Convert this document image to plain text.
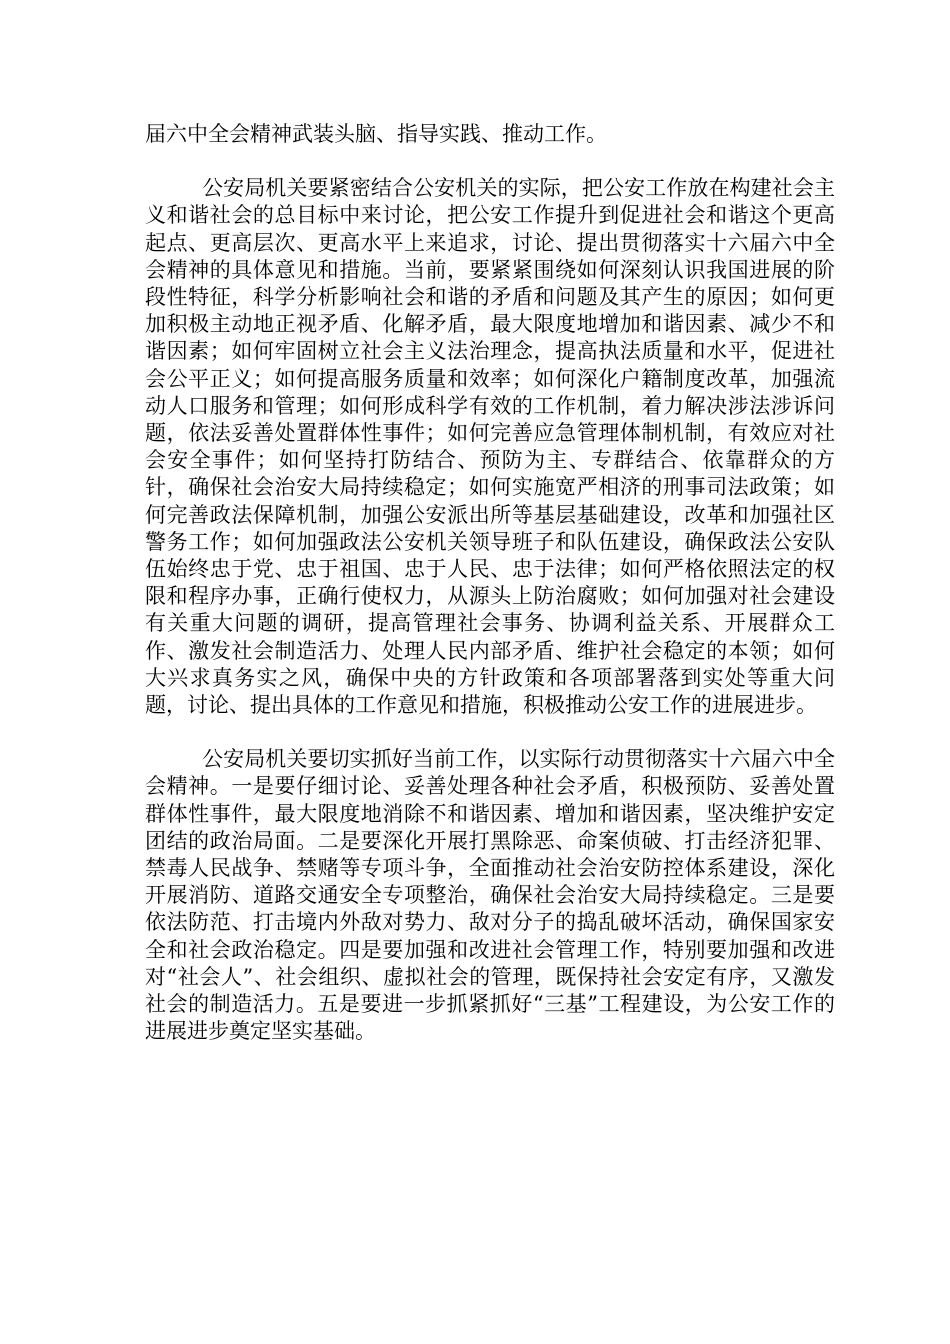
届六中全会精神武装头脑、指导实践、推动工作。

公安局机关要紧密结合公安机关的实际，把公安工作放在构建社会主义和谐社会的总目标中来讨论，把公安工作提升到促进社会和谐这个更高起点、更高层次、更高水平上来追求，讨论、提出贯彻落实十六届六中全会精神的具体意见和措施。当前，要紧紧围绕如何深刻认识我国进展的阶段性特征，科学分析影响社会和谐的矛盾和问题及其产生的原因；如何更加积极主动地正视矛盾、化解矛盾，最大限度地增加和谐因素、减少不和谐因素；如何牢固树立社会主义法治理念，提高执法质量和水平，促进社会公平正义；如何提高服务质量和效率；如何深化户籍制度改革，加强流动人口服务和管理；如何形成科学有效的工作机制，着力解决涉法涉诉问题，依法妥善处置群体性事件；如何完善应急管理体制机制，有效应对社会安全事件；如何坚持打防结合、预防为主、专群结合、依靠群众的方针，确保社会治安大局持续稳定；如何实施宽严相济的刑事司法政策；如何完善政法保障机制，加强公安派出所等基层基础建设，改革和加强社区警务工作；如何加强政法公安机关领导班子和队伍建设，确保政法公安队伍始终忠于党、忠于祖国、忠于人民、忠于法律；如何严格依照法定的权限和程序办事，正确行使权力，从源头上防治腐败；如何加强对社会建设有关重大问题的调研，提高管理社会事务、协调利益关系、开展群众工作、激发社会制造活力、处理人民内部矛盾、维护社会稳定的本领；如何大兴求真务实之风，确保中央的方针政策和各项部署落到实处等重大问题，讨论、提出具体的工作意见和措施，积极推动公安工作的进展进步。

公安局机关要切实抓好当前工作，以实际行动贯彻落实十六届六中全会精神。一是要仔细讨论、妥善处理各种社会矛盾，积极预防、妥善处置群体性事件，最大限度地消除不和谐因素、增加和谐因素，坚决维护安定团结的政治局面。二是要深化开展打黑除恶、命案侦破、打击经济犯罪、禁毒人民战争、禁赌等专项斗争，全面推动社会治安防控体系建设，深化开展消防、道路交通安全专项整治，确保社会治安大局持续稳定。三是要依法防范、打击境内外敌对势力、敌对分子的捣乱破坏活动，确保国家安全和社会政治稳定。四是要加强和改进社会管理工作，特别要加强和改进对“社会人”、社会组织、虚拟社会的管理，既保持社会安定有序，又激发社会的制造活力。五是要进一步抓紧抓好“三基”工程建设，为公安工作的进展进步奠定坚实基础。
